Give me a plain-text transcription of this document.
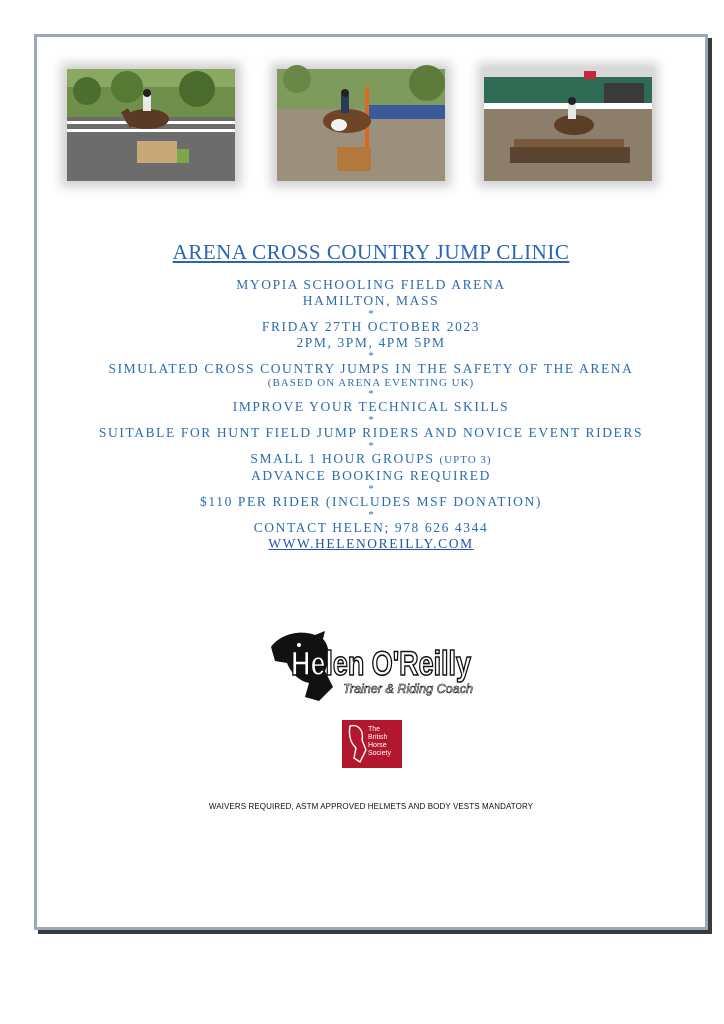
ARENA CROSS COUNTRY JUMP CLINIC
MYOPIA SCHOOLING FIELD ARENA
HAMILTON, MASS
*
FRIDAY 27TH OCTOBER 2023
2PM, 3PM, 4PM 5PM
*
SIMULATED CROSS COUNTRY JUMPS IN THE SAFETY OF THE ARENA
(BASED ON ARENA EVENTING UK)
*
IMPROVE YOUR TECHNICAL SKILLS
*
SUITABLE FOR HUNT FIELD JUMP RIDERS AND NOVICE EVENT RIDERS
*
SMALL 1 HOUR GROUPS (UPTO 3)
ADVANCE BOOKING REQUIRED
*
$110 PER RIDER (INCLUDES MSF DONATION)
*
CONTACT HELEN; 978 626 4344
WWW.HELENOREILLY.COM
Helen O'Reilly
Trainer & Riding Coach
The
British
Horse
Society
WAIVERS REQUIRED, ASTM APPROVED HELMETS AND BODY VESTS MANDATORY
